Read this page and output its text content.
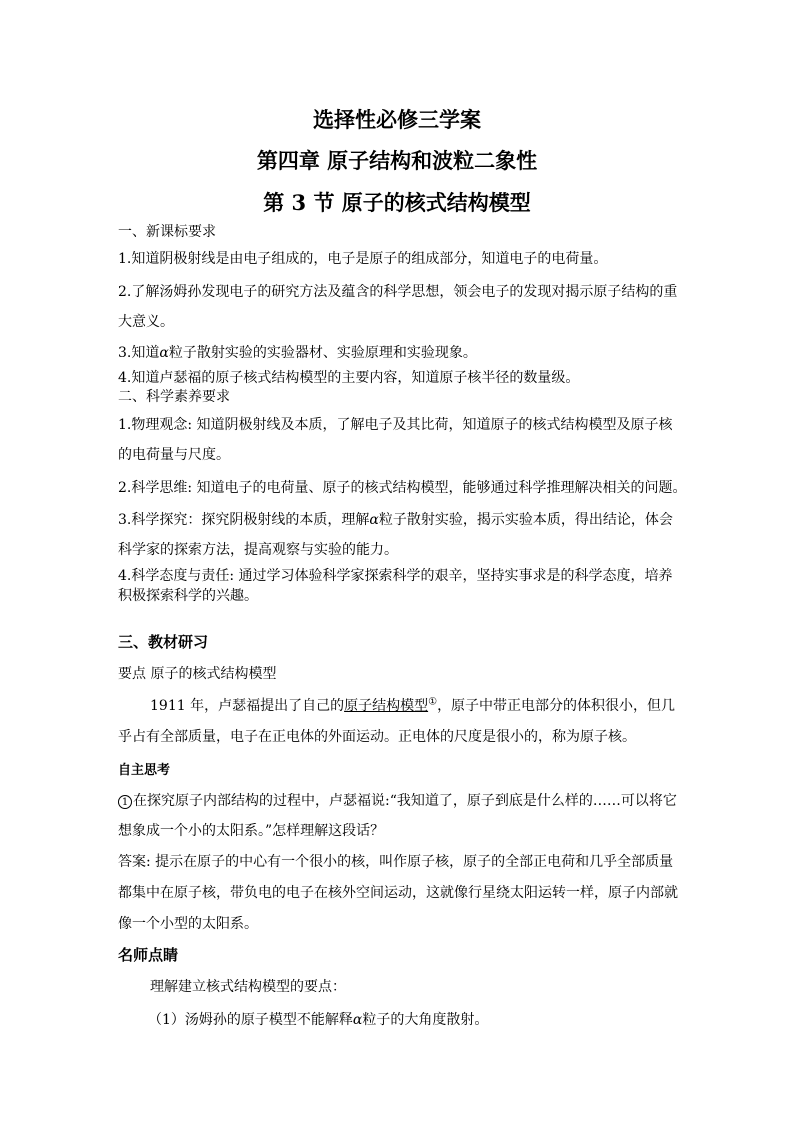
选择性必修三学案
第四章 原子结构和波粒二象性
第 3 节 原子的核式结构模型
一、新课标要求
1.知道阴极射线是由电子组成的，电子是原子的组成部分，知道电子的电荷量。
2.了解汤姆孙发现电子的研究方法及蕴含的科学思想，领会电子的发现对揭示原子结构的重
大意义。
3.知道α粒子散射实验的实验器材、实验原理和实验现象。
4.知道卢瑟福的原子核式结构模型的主要内容，知道原子核半径的数量级。
二、科学素养要求
1.物理观念: 知道阴极射线及本质，了解电子及其比荷，知道原子的核式结构模型及原子核
的电荷量与尺度。
2.科学思维: 知道电子的电荷量、原子的核式结构模型，能够通过科学推理解决相关的问题。
3.科学探究：探究阴极射线的本质，理解α粒子散射实验，揭示实验本质，得出结论，体会
科学家的探索方法，提高观察与实验的能力。
4.科学态度与责任: 通过学习体验科学家探索科学的艰辛，坚持实事求是的科学态度，培养
积极探索科学的兴趣。
三、教材研习
要点 原子的核式结构模型
1911 年，卢瑟福提出了自己的原子结构模型①，原子中带正电部分的体积很小，但几
乎占有全部质量，电子在正电体的外面运动。正电体的尺度是很小的，称为原子核。
自主思考
1 在探究原子内部结构的过程中，卢瑟福说:“我知道了，原子到底是什么样的……可以将它
想象成一个小的太阳系。”怎样理解这段话？
答案: 提示在原子的中心有一个很小的核，叫作原子核，原子的全部正电荷和几乎全部质量
都集中在原子核，带负电的电子在核外空间运动，这就像行星绕太阳运转一样，原子内部就
像一个小型的太阳系。
名师点睛
理解建立核式结构模型的要点：
（1）汤姆孙的原子模型不能解释α粒子的大角度散射。
